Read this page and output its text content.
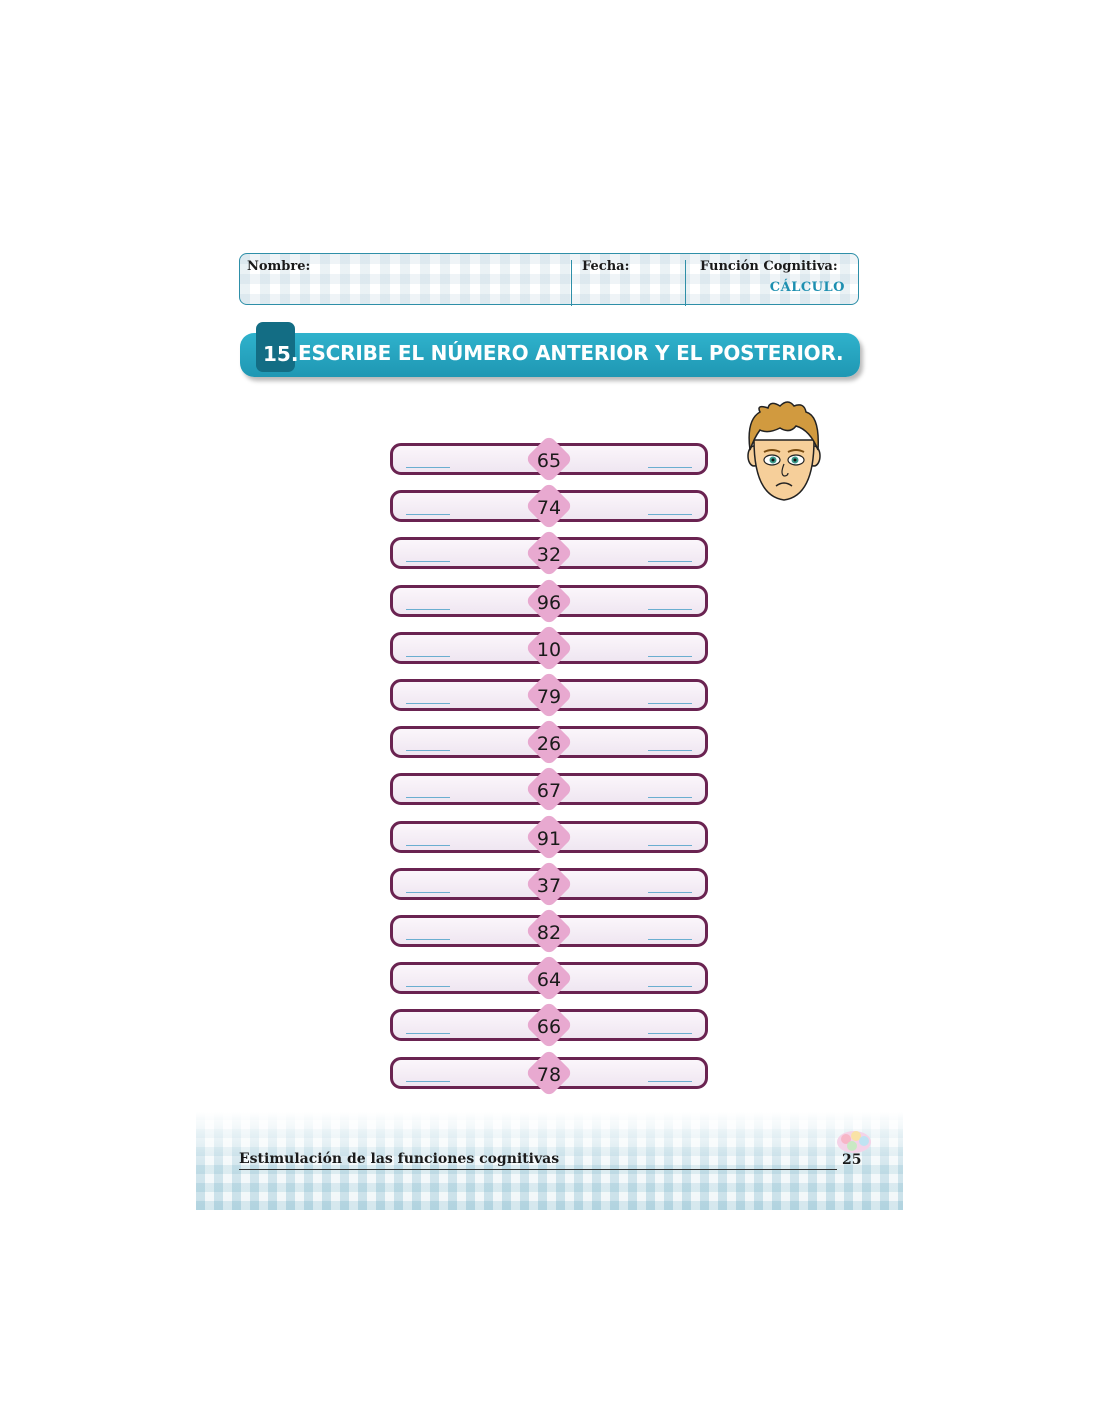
Nombre:	Fecha:	Función Cognitiva:
CÁLCULO
15. ESCRIBE EL NÚMERO ANTERIOR Y EL POSTERIOR.
65
74
32
96
10
79
26
67
91
37
82
64
66
78
Estimulación de las funciones cognitivas	25
